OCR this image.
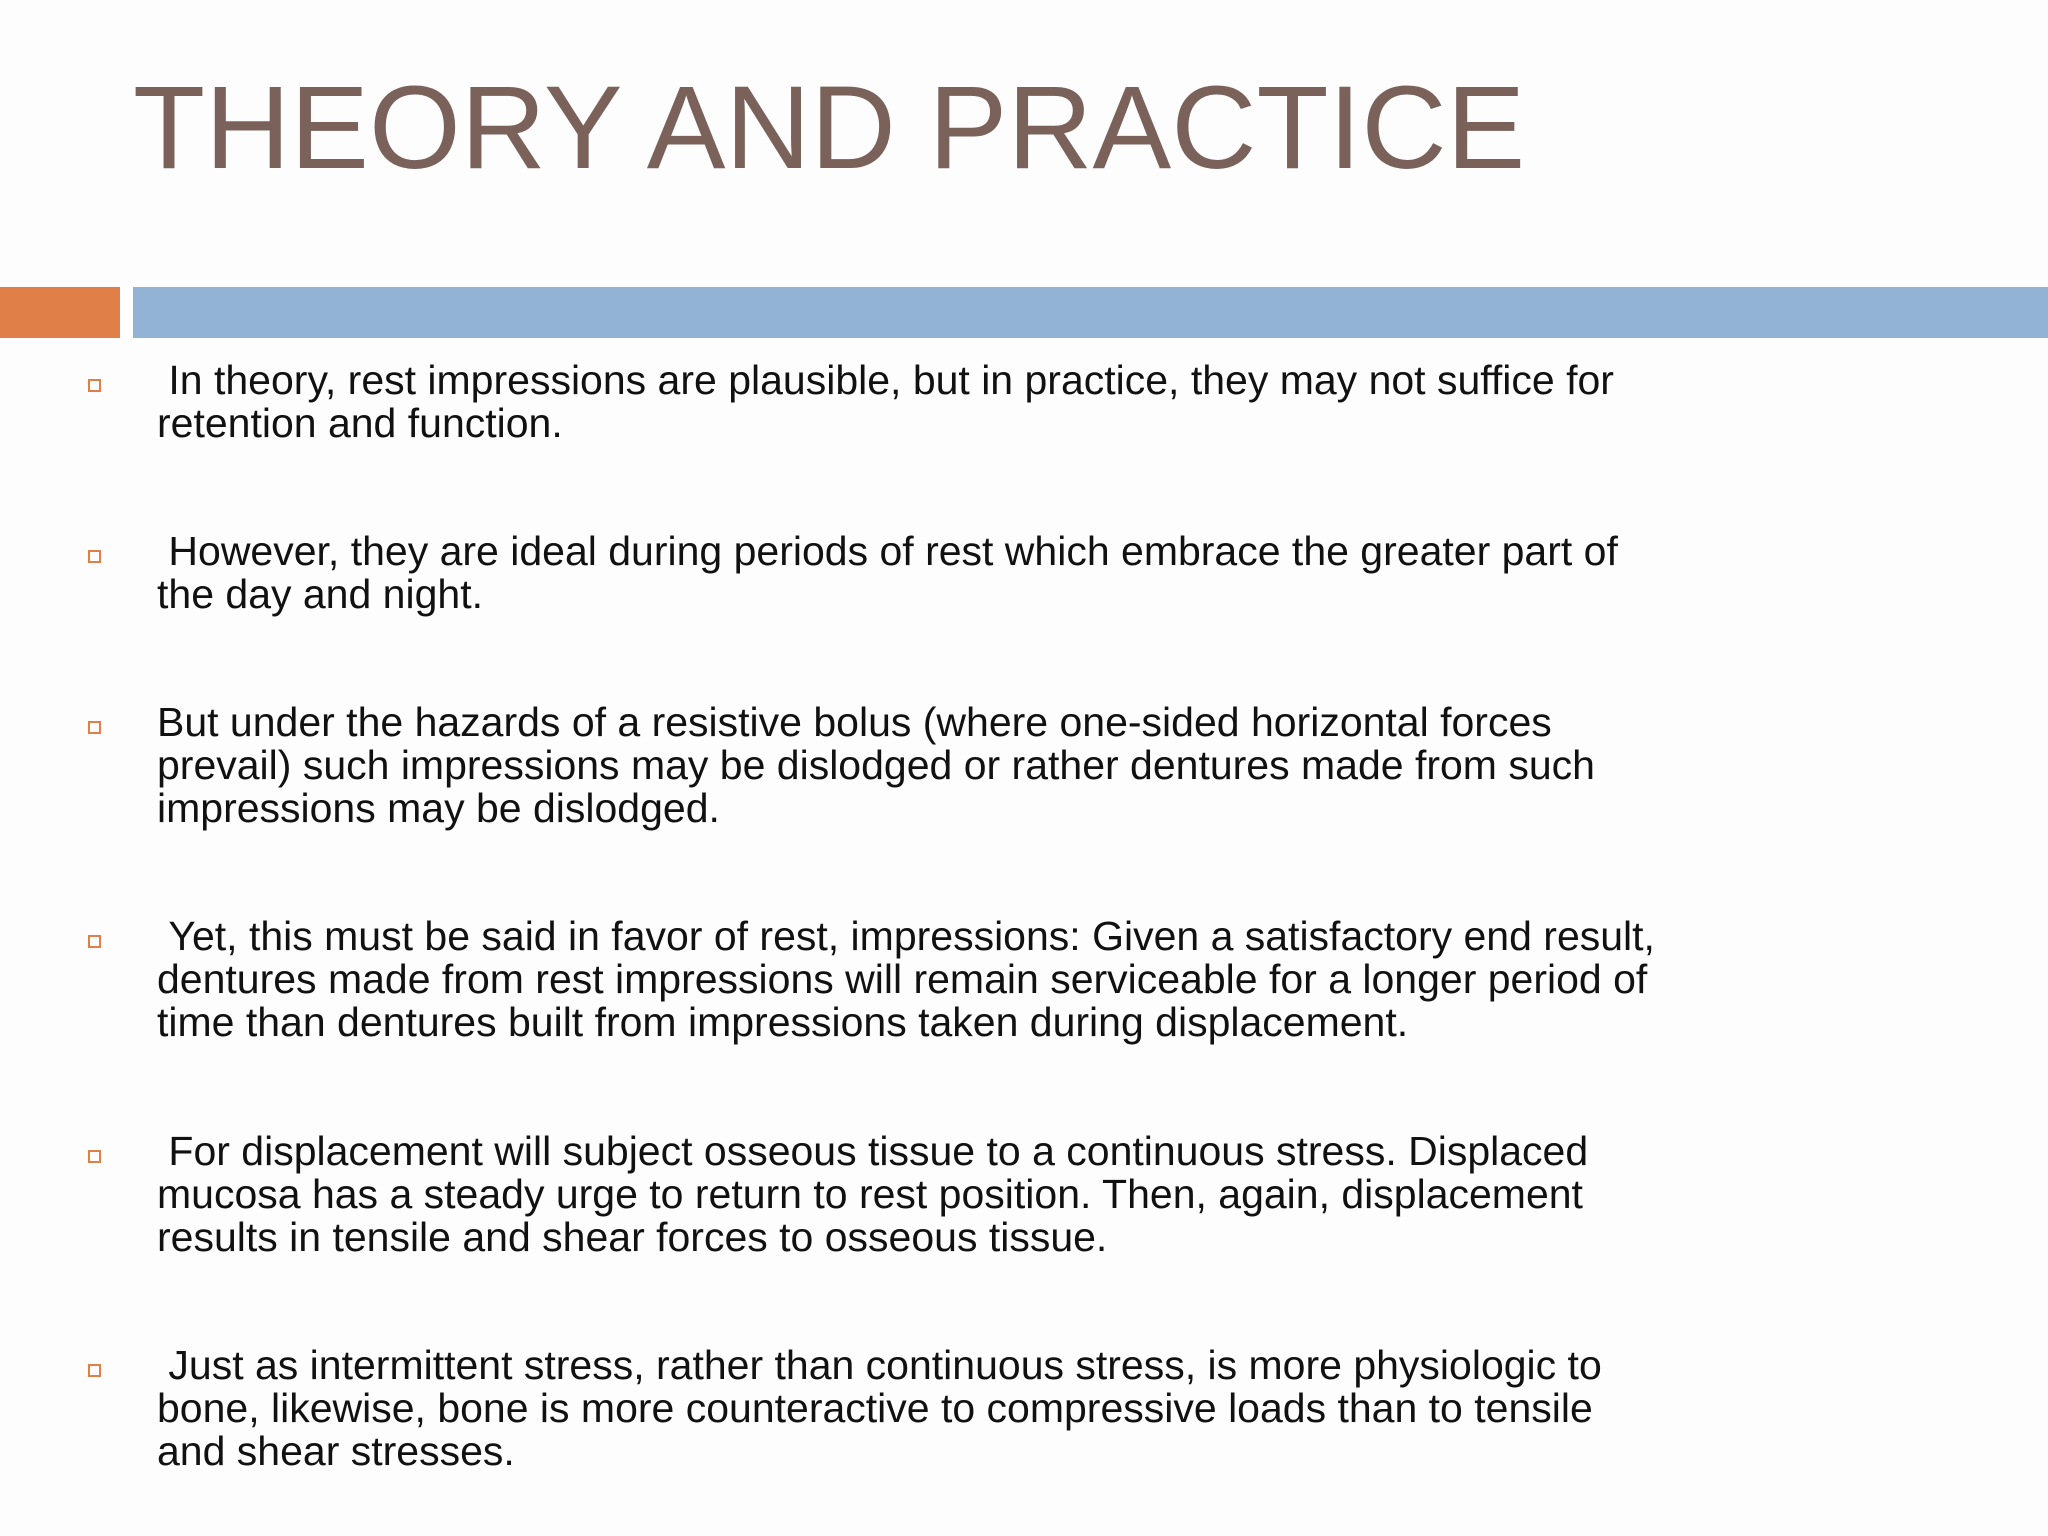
THEORY AND PRACTICE

In theory, rest impressions are plausible, but in practice, they may not suffice for
retention and function.

However, they are ideal during periods of rest which embrace the greater part of
the day and night.

But under the hazards of a resistive bolus (where one-sided horizontal forces
prevail) such impressions may be dislodged or rather dentures made from such
impressions may be dislodged.

Yet, this must be said in favor of rest, impressions: Given a satisfactory end result,
dentures made from rest impressions will remain serviceable for a longer period of
time than dentures built from impressions taken during displacement.

For displacement will subject osseous tissue to a continuous stress. Displaced
mucosa has a steady urge to return to rest position. Then, again, displacement
results in tensile and shear forces to osseous tissue.

Just as intermittent stress, rather than continuous stress, is more physiologic to
bone, likewise, bone is more counteractive to compressive loads than to tensile
and shear stresses.
